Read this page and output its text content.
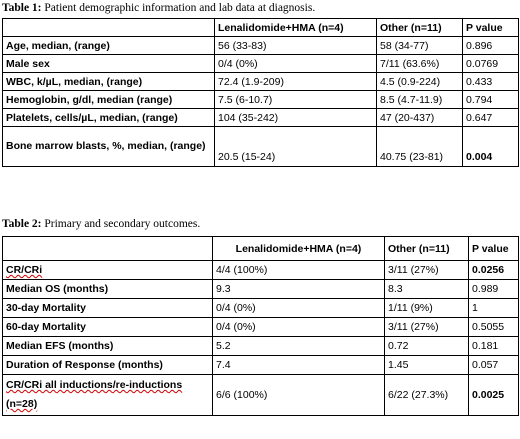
Table 1: Patient demographic information and lab data at diagnosis.
	Lenalidomide+HMA (n=4)	Other (n=11)	P value
Age, median, (range)	56 (33-83)	58 (34-77)	0.896
Male sex	0/4 (0%)	7/11 (63.6%)	0.0769
WBC, k/µL, median, (range)	72.4 (1.9-209)	4.5 (0.9-224)	0.433
Hemoglobin, g/dl, median (range)	7.5 (6-10.7)	8.5 (4.7-11.9)	0.794
Platelets, cells/µL, median, (range)	104 (35-242)	47 (20-437)	0.647
Bone marrow blasts, %, median, (range)	20.5 (15-24)	40.75 (23-81)	0.004
Table 2: Primary and secondary outcomes.
	Lenalidomide+HMA (n=4)	Other (n=11)	P value
CR/CRi	4/4 (100%)	3/11 (27%)	0.0256
Median OS (months)	9.3	8.3	0.989
30-day Mortality	0/4 (0%)	1/11 (9%)	1
60-day Mortality	0/4 (0%)	3/11 (27%)	0.5055
Median EFS (months)	5.2	0.72	0.181
Duration of Response (months)	7.4	1.45	0.057
CR/CRi all inductions/re-inductions (n=28)	6/6 (100%)	6/22 (27.3%)	0.0025
